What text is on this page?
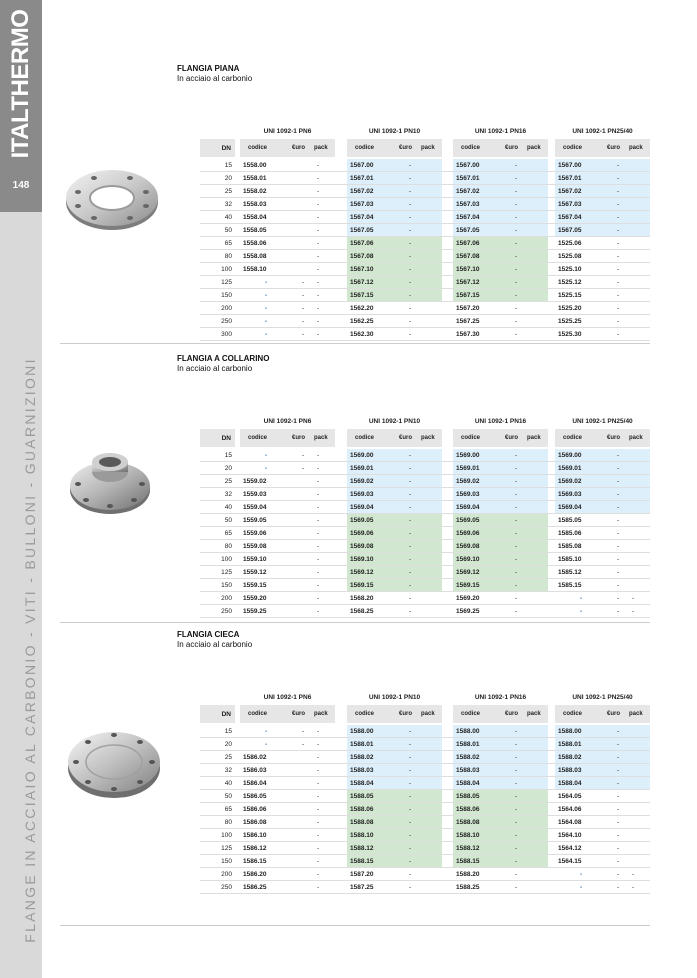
ITALTHERMO
148
FLANGE IN ACCIAIO AL CARBONIO - VITI - BULLONI - GUARNIZIONI
FLANGIA PIANA
In acciaio al carbonio
DN
UNI 1092-1 PN6
codice	€uro pack
UNI 1092-1 PN10
codice	€uro pack
UNI 1092-1 PN16
codice	€uro pack
UNI 1092-1 PN25/40
codice	€uro pack
15 1558.00	-	1567.00	-	1567.00	-	1567.00	-
20 1558.01	-	1567.01	-	1567.01	-	1567.01	-
25 1558.02	-	1567.02	-	1567.02	-	1567.02	-
32 1558.03	-	1567.03	-	1567.03	-	1567.03	-
40 1558.04	-	1567.04	-	1567.04	-	1567.04	-
50 1558.05	-	1567.05	-	1567.05	-	1567.05	-
65 1558.06	-	1567.06	-	1567.06	-	1525.06	-
80 1558.08	-	1567.08	-	1567.08	-	1525.08	-
100 1558.10	-	1567.10	-	1567.10	-	1525.10	-
125	-	- -	1567.12	-	1567.12	-	1525.12	-
150	-	- -	1567.15	-	1567.15	-	1525.15	-
200	-	- -	1562.20	-	1567.20	-	1525.20	-
250	-	- -	1562.25	-	1567.25	-	1525.25	-
300	-	- -	1562.30	-	1567.30	-	1525.30	-
FLANGIA A COLLARINO
In acciaio al carbonio
DN
UNI 1092-1 PN6
codice	€uro pack
UNI 1092-1 PN10
codice	€uro pack
UNI 1092-1 PN16
codice	€uro pack
UNI 1092-1 PN25/40
codice	€uro pack
15	-	- -	1569.00	-	1569.00	-	1569.00	-
20	-	- -	1569.01	-	1569.01	-	1569.01	-
25 1559.02	-	1569.02	-	1569.02	-	1569.02	-
32 1559.03	-	1569.03	-	1569.03	-	1569.03	-
40 1559.04	-	1569.04	-	1569.04	-	1569.04	-
50 1559.05	-	1569.05	-	1569.05	-	1585.05	-
65 1559.06	-	1569.06	-	1569.06	-	1585.06	-
80 1559.08	-	1569.08	-	1569.08	-	1585.08	-
100 1559.10	-	1569.10	-	1569.10	-	1585.10	-
125 1559.12	-	1569.12	-	1569.12	-	1585.12	-
150 1559.15	-	1569.15	-	1569.15	-	1585.15	-
200 1559.20	-	1568.20	-	1569.20	-	-	- -
250 1559.25	-	1568.25	-	1569.25	-	-	- -
FLANGIA CIECA
In acciaio al carbonio
DN
UNI 1092-1 PN6
codice	€uro pack
UNI 1092-1 PN10
codice	€uro pack
UNI 1092-1 PN16
codice	€uro pack
UNI 1092-1 PN25/40
codice	€uro pack
15	-	- -	1588.00	-	1588.00	-	1588.00	-
20	-	- -	1588.01	-	1588.01	-	1588.01	-
25 1586.02	-	1588.02	-	1588.02	-	1588.02	-
32 1586.03	-	1588.03	-	1588.03	-	1588.03	-
40 1586.04	-	1588.04	-	1588.04	-	1588.04	-
50 1586.05	-	1588.05	-	1588.05	-	1564.05	-
65 1586.06	-	1588.06	-	1588.06	-	1564.06	-
80 1586.08	-	1588.08	-	1588.08	-	1564.08	-
100 1586.10	-	1588.10	-	1588.10	-	1564.10	-
125 1586.12	-	1588.12	-	1588.12	-	1564.12	-
150 1586.15	-	1588.15	-	1588.15	-	1564.15	-
200 1586.20	-	1587.20	-	1588.20	-	-	- -
250 1586.25	-	1587.25	-	1588.25	-	-	- -
